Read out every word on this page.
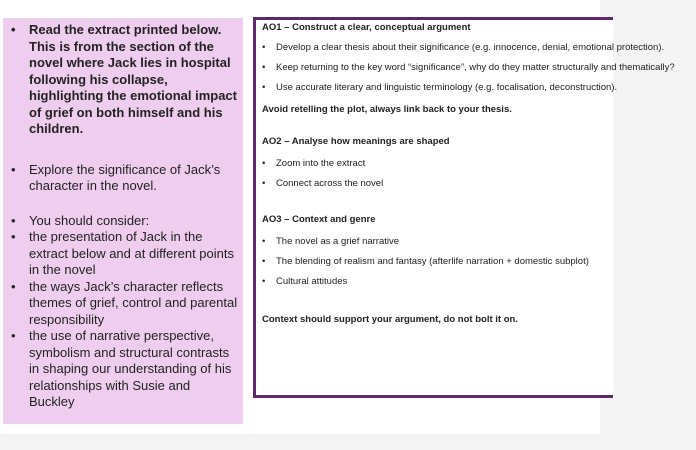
• Read the extract printed below. This is from the section of the novel where Jack lies in hospital following his collapse, highlighting the emotional impact of grief on both himself and his children.
• Explore the significance of Jack’s character in the novel.
• You should consider:
• the presentation of Jack in the extract below and at different points in the novel
• the ways Jack’s character reflects themes of grief, control and parental responsibility
• the use of narrative perspective, symbolism and structural contrasts in shaping our understanding of his relationships with Susie and Buckley
AO1 – Construct a clear, conceptual argument
• Develop a clear thesis about their significance (e.g. innocence, denial, emotional protection).
• Keep returning to the key word “significance”, why do they matter structurally and thematically?
• Use accurate literary and linguistic terminology (e.g. focalisation, deconstruction).
Avoid retelling the plot, always link back to your thesis.
AO2 – Analyse how meanings are shaped
• Zoom into the extract
• Connect across the novel
AO3 – Context and genre
• The novel as a grief narrative
• The blending of realism and fantasy (afterlife narration + domestic subplot)
• Cultural attitudes
Context should support your argument, do not bolt it on.
